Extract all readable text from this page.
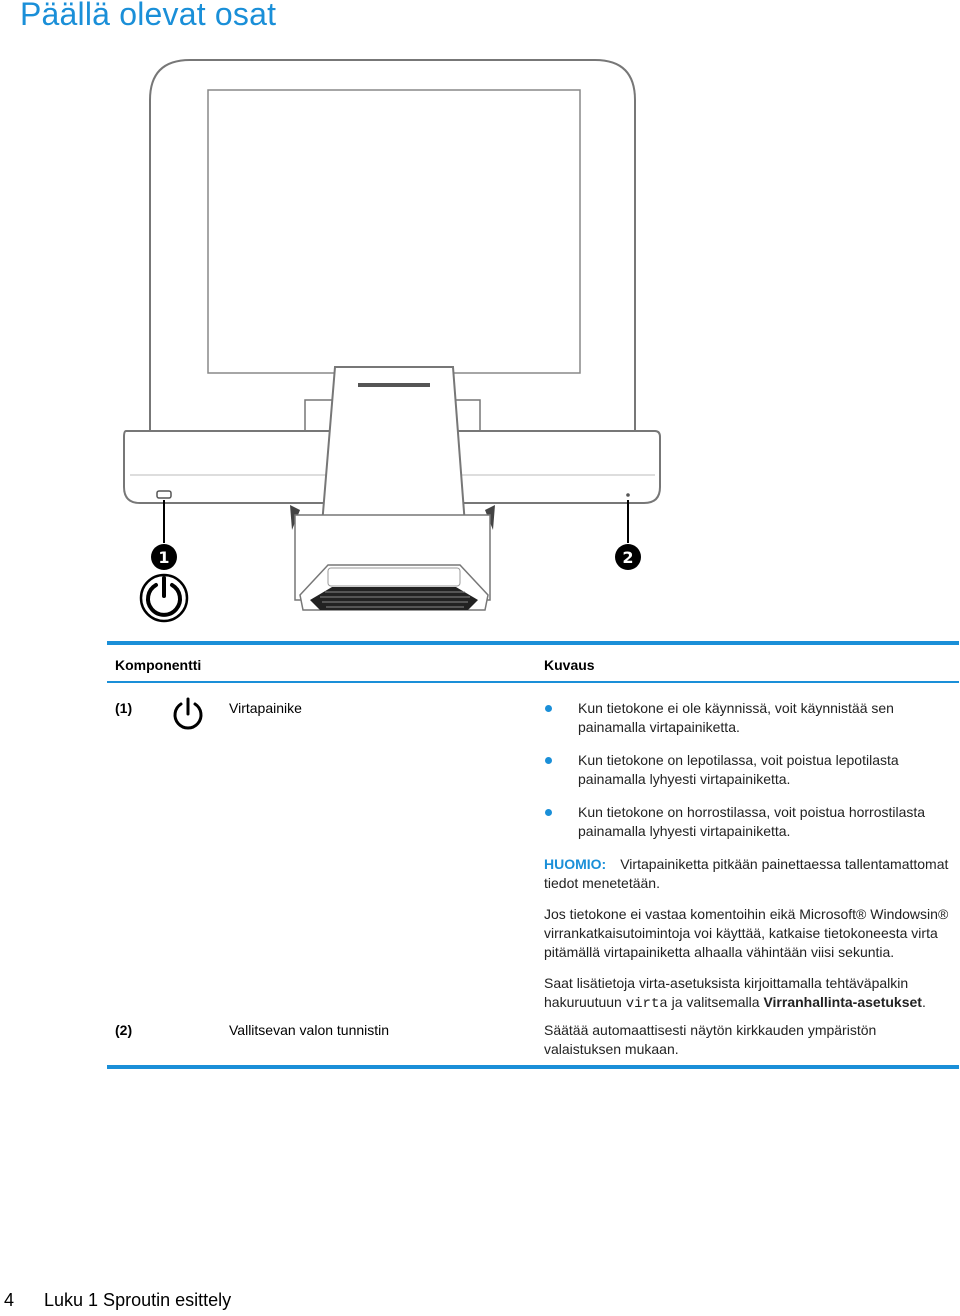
Päällä olevat osat
1	2
Komponentti	Kuvaus
(1)	Virtapainike	Kun tietokone ei ole käynnissä, voit käynnistää sen painamalla virtapainiketta.
Kun tietokone on lepotilassa, voit poistua lepotilasta painamalla lyhyesti virtapainiketta.
Kun tietokone on horrostilassa, voit poistua horrostilasta painamalla lyhyesti virtapainiketta.
HUOMIO: Virtapainiketta pitkään painettaessa tallentamattomat tiedot menetetään.
Jos tietokone ei vastaa komentoihin eikä Microsoft® Windowsin® virrankatkaisutoimintoja voi käyttää, katkaise tietokoneesta virta pitämällä virtapainiketta alhaalla vähintään viisi sekuntia.
Saat lisätietoja virta-asetuksista kirjoittamalla tehtäväpalkin hakuruutuun virta ja valitsemalla Virranhallinta-asetukset.
(2)	Vallitsevan valon tunnistin	Säätää automaattisesti näytön kirkkauden ympäristön valaistuksen mukaan.
4 Luku 1 Sproutin esittely
